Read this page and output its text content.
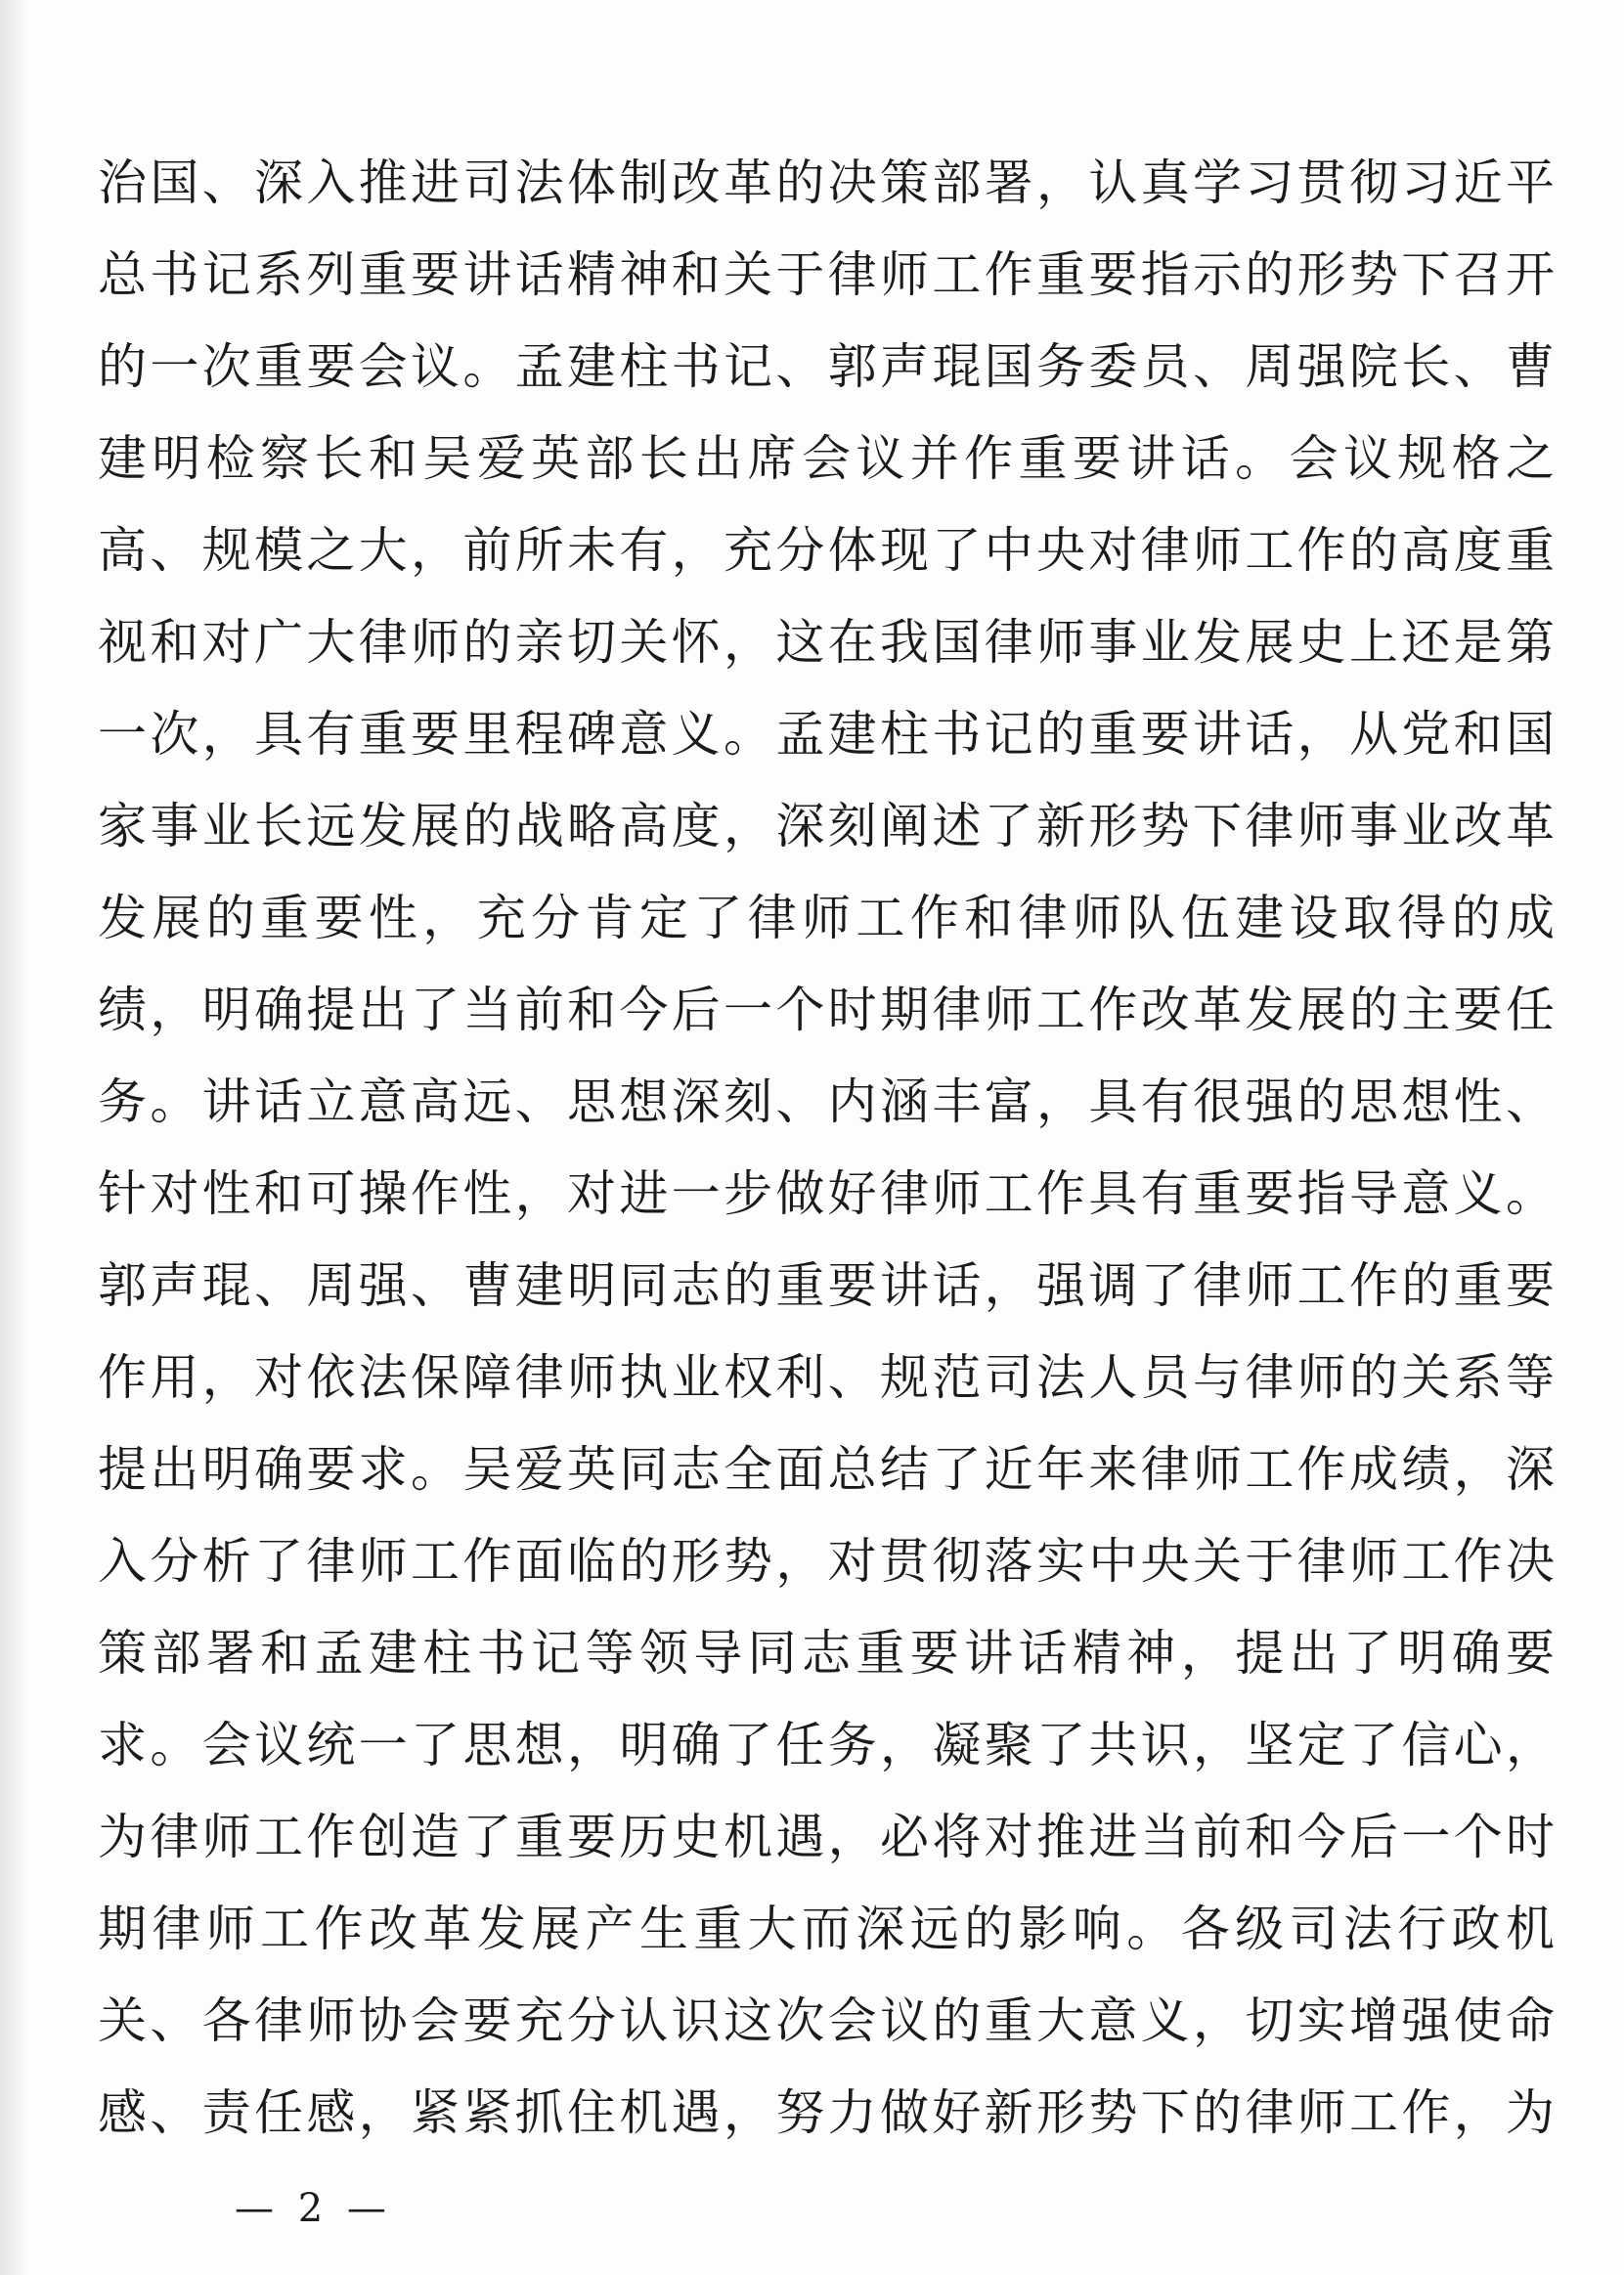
治国、深入推进司法体制改革的决策部署，认真学习贯彻习近平
总书记系列重要讲话精神和关于律师工作重要指示的形势下召开
的一次重要会议。孟建柱书记、郭声琨国务委员、周强院长、曹
建明检察长和吴爱英部长出席会议并作重要讲话。会议规格之
高、规模之大，前所未有，充分体现了中央对律师工作的高度重
视和对广大律师的亲切关怀，这在我国律师事业发展史上还是第
一次，具有重要里程碑意义。孟建柱书记的重要讲话，从党和国
家事业长远发展的战略高度，深刻阐述了新形势下律师事业改革
发展的重要性，充分肯定了律师工作和律师队伍建设取得的成
绩，明确提出了当前和今后一个时期律师工作改革发展的主要任
务。讲话立意高远、思想深刻、内涵丰富，具有很强的思想性、
针对性和可操作性，对进一步做好律师工作具有重要指导意义。
郭声琨、周强、曹建明同志的重要讲话，强调了律师工作的重要
作用，对依法保障律师执业权利、规范司法人员与律师的关系等
提出明确要求。吴爱英同志全面总结了近年来律师工作成绩，深
入分析了律师工作面临的形势，对贯彻落实中央关于律师工作决
策部署和孟建柱书记等领导同志重要讲话精神，提出了明确要
求。会议统一了思想，明确了任务，凝聚了共识，坚定了信心，
为律师工作创造了重要历史机遇，必将对推进当前和今后一个时
期律师工作改革发展产生重大而深远的影响。各级司法行政机
关、各律师协会要充分认识这次会议的重大意义，切实增强使命
感、责任感，紧紧抓住机遇，努力做好新形势下的律师工作，为
— 2 —
